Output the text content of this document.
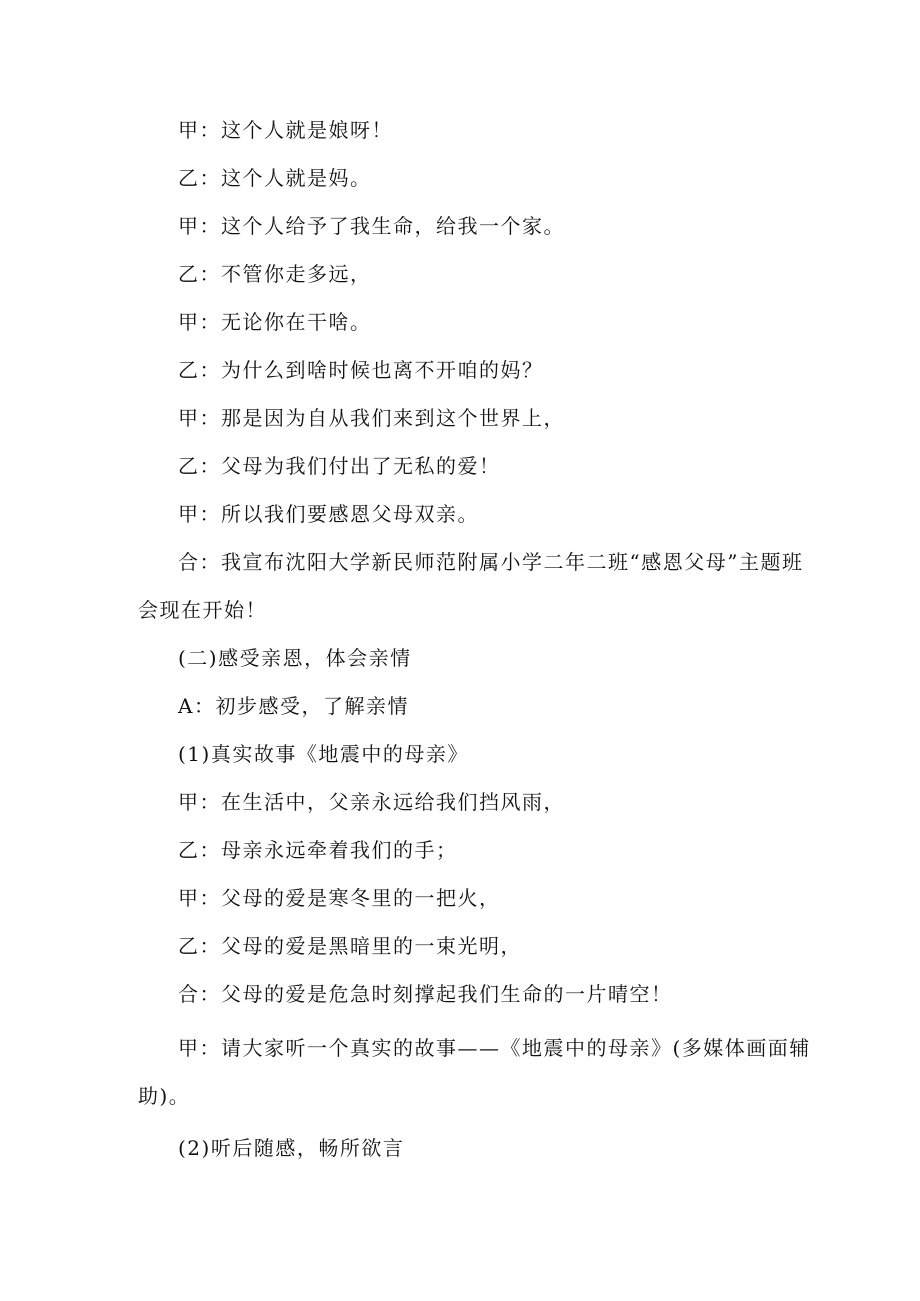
甲：这个人就是娘呀！
乙：这个人就是妈。
甲：这个人给予了我生命，给我一个家。
乙：不管你走多远，
甲：无论你在干啥。
乙：为什么到啥时候也离不开咱的妈？
甲：那是因为自从我们来到这个世界上，
乙：父母为我们付出了无私的爱！
甲：所以我们要感恩父母双亲。
合：我宣布沈阳大学新民师范附属小学二年二班“感恩父母”主题班
会现在开始！
(二)感受亲恩，体会亲情
A：初步感受，了解亲情
(1)真实故事《地震中的母亲》
甲：在生活中，父亲永远给我们挡风雨，
乙：母亲永远牵着我们的手；
甲：父母的爱是寒冬里的一把火，
乙：父母的爱是黑暗里的一束光明，
合：父母的爱是危急时刻撑起我们生命的一片晴空！
甲：请大家听一个真实的故事——《地震中的母亲》(多媒体画面辅
助)。
(2)听后随感，畅所欲言
